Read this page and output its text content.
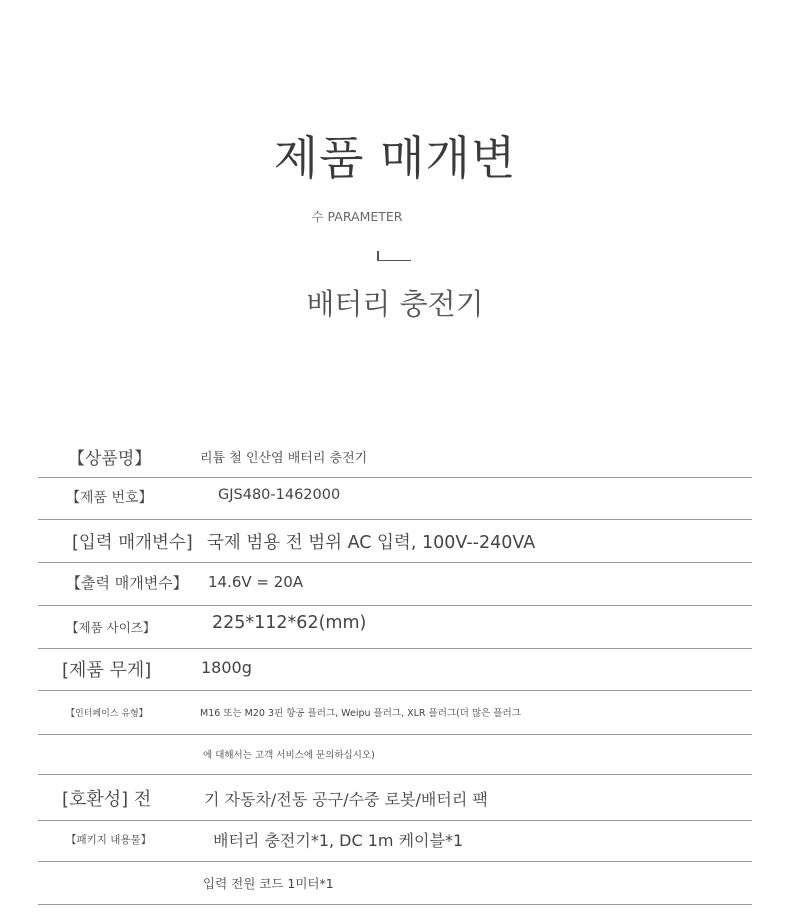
제품 매개변
수 PARAMETER
배터리 충전기
【상품명】	리튬 철 인산염 배터리 충전기
【제품 번호】	GJS480-1462000
[입력 매개변수] 국제 범용 전 범위 AC 입력, 100V--240VA
【출력 매개변수】 14.6V = 20A
【제품 사이즈】	225*112*62(mm)
[제품 무게]	1800g
【인터페이스 유형】	M16 또는 M20 3핀 항공 플러그, Weipu 플러그, XLR 플러그(더 많은 플러그
에 대해서는 고객 서비스에 문의하십시오)
[호환성] 전	기 자동차/전동 공구/수중 로봇/배터리 팩
【패키지 내용물】	배터리 충전기*1, DC 1m 케이블*1
입력 전원 코드 1미터*1
